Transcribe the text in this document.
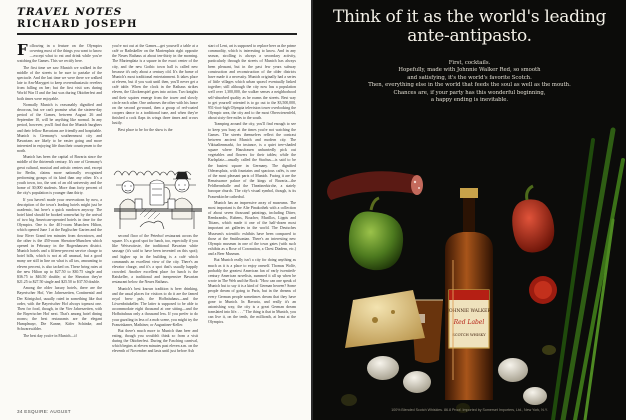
TRAVEL NOTES
RICHARD JOSEPH

Following in a feature on the Olympics covering most of the things you want to know—except what to eat and drink while you're watching the Games. This we rectify here.

The first time we saw Munich we walked in the middle of the streets to be sure to partake of the spectacle. And the last time we were there we walked late to Am-Marygret to keep overenthusiastic revelers from falling on her; but the first visit was during World War II and the last was during Oktoberfest and both times were enjoyable.

Normally Munich is reasonably dignified and decorous, but we can't promise what the sixteen-day period of the Games, between August 26 and September 10, will be anything like normal. In any period, however, you'll find that the Munich burghers and their fellow Bavarians are friendly and hospitable. Munich is Germany's southernmost city and Bavarians are likely to be easier going and more interested in enjoying life than their countrymen to the north.

Munich has been the capital of Bavaria since the middle of the thirteenth century. It's one of Germany's great cultural, musical and artistic centers and, except for Berlin, claims more nationally recognized performing groups of its kind than any other. It's a youth town, too, the seat of an old university and the home of 30,000 students. More than forty percent of the city's population is younger than thirty.

If you haven't made your reservations by now, a description of the town's leading hotels might just be academic, but here's a quick rundown anyway. The hotel kind should be booked somewhat by the arrival of two big American-operated hotels in time for the Olympics. One is the 401-room Munchen Hilton, which opened June 1 at the Englischer Garten and the four River Grand ten minutes from downtown, and the other is the 450-room Sheraton-Munchen which opened in February in the Bogenhausen district. Munich hotels and a fifteen-percent service charge to hotel bills, which is not at all unusual, but a good many are still in line on what is all tax, amounting to eleven percent, is also tacked on. These bring rates at the new Hilton up to $27.50 to $30.75 single and $36.75 to $46.50 double; at the Sheraton they're $21.25 to $27.50 single and $25.50 to $37.50 double.

Among the older luxury hotels, there are the Bayerischer Hof, Vier Jahreszeiten, Continental and Der Königshof, usually rated in something like that order, with the Bayerischer Hof always topmost one. Then for food, though, in the Vier Jahreszeiten, with the Bayerischer Hof next. That's among hotel dining rooms; the best restaurants are the elegant Humplmayr, Die Kanne, Käfer Schänke, and Schwarzwälder.

The best day you're in Munich—if

you're not out at the Games—get yourself a table at a café or Rathskeller on the Marienplatz right opposite the Neues Rathaus at about ten-thirty in the morning. The Marienplatz is a square in the exact center of the city, and the new Gothic town hall is called new because it's only about a century old. It's the home of Munich's most traditional entertainment. It takes place at eleven, but if you wait until then, you'll never get a café table. When the clock in the Rathaus strikes eleven, the Glockenspiel goes into action. Two knights and their squires emerge from the tower and slowly circle each other. One unhorses the other with his lance on the second go-round, then a group of red-coated coopers dance to a traditional tune, and when they're finished a cock flaps its wings three times and crows lustily.

Best place to be for the show is the

second floor of the Peterhof restaurant across the square. It's a good spot for lunch, too, especially if you like Weisswürste, the traditional Bavarian white sausage (it's said to have been invented on this spot); and higher up in the building is a café which commands an excellent view of the city. There's an elevator charge, and it's a spot that's usually happily crowded. Another excellent place for lunch is the Ratskeller, a traditional and inexpensive Bavarian restaurant below the Neues Rathaus.

Munich's best known tradition is beer drinking, and the usual places for visitors to do it are the famed royal brew pub, the Hofbräuhaus—and the Löwenbräukeller. The latter is supposed to be able to accommodate eight thousand at one sitting—and the Hofbräuhaus only a thousand less. If you prefer to do your guzzling in less of a mob scene, you might try the Franziskaner, Mathäser, or Augustiner-Keller.

But there's much more to Munich than beer and eating, though you wouldn't think so from a visit during the Oktoberfest. During the Fasching carnival, which begins at eleven minutes past eleven a.m. on the eleventh of November and lasts until just before Ash

start of Lent, art is supposed to replace beer as the prime commodity, which is interesting to know. And in any season, strolling is always a secondary activity, particularly through the streets of Munich has always been pleasant, but in the past few years subway construction and reconstruction of the older districts have made it a necessity. Munich originally had a series of little villages which urban sprawl eventually linked together; still although the city now has a population well over 1,300,000, the walker senses a neighborhood self-absorbed quality as he roams the streets. Best way to get yourself oriented is to go out to the $3,500,000, 951-foot-high Olympia television tower overlooking the Olympic area, the city and to the most Oberwiesenfeld, about sixty-five miles to the south.

Tramping around the city, you'll find enough to see to keep you busy at the times you're not watching the Games. The streets themselves reflect the contrast between ancient Munich and modern city. The Viktualienmarkt, for instance, is a quiet tree-shaded square where Hausfrauen unhurriedly pick out vegetables and flowers for their tables; while the Karlsplatz—usually called the Stachus—is said to be the busiest square in Germany. The dignified Odeonsplatz, with fountains and spacious cafés, is one of the most pleasant parts of Munich. Facing it are the Renaissance palace of the kings of Bavaria—the Feldherrnhalle and the Theatinerkirche, a stately baroque church. The city's visual symbol, though, is its Frauenkirche cathedral.

Munich has an impressive array of museums. The most important is the Alte Pinakothek with a collection of about seven thousand paintings, including Dürer, Rembrandts, Rubens, Boucher, Murillos, Lippis and Titians, which made it one of the half-dozen most important art galleries in the world. The Deutsches Museum's scientific exhibits have been compared to those at the Smithsonian. There's an interesting new Olympic museum in one of the town gates (with such exhibits as a Rose of Coronation, a Chest Diadem, etc.) and a Beer Museum.

But Munich really isn't a city for doing anything as much as it is a place to enjoy oneself. Thomas Wolfe, probably the greatest American fan of early twentieth-century American novelists, summed it all up when he wrote in The Web and the Rock: "How can one speak of Munich but to say it is a kind of German heaven? Some people dream of going to Paris, but in the dreams of every German people sometimes dream that they have gone to Munich. In Bavaria, and really it's an astonishing way, the city is a great German dream translated into life. . . ." The thing is that in Munich, you can live it, on the tenth, the millionth, at least at the Olympics.

34 ESQUIRE: AUGUST
Think of it as the world's leading
ante-antipasto.
First, cocktails.
Hopefully, made with Johnnie Walker Red, so smooth
and satisfying, it's the world's favorite Scotch.
Then, everything else in the world that feeds the soul as well as the mouth.
Chances are, if your party has this wonderful beginning,
a happy ending is inevitable.
JOHNNIE WALKER
Red Label
SCOTCH WHISKY
100% Blended Scotch Whiskies. 86.8 Proof. Imported by Somerset Importers, Ltd., New York, N.Y.
